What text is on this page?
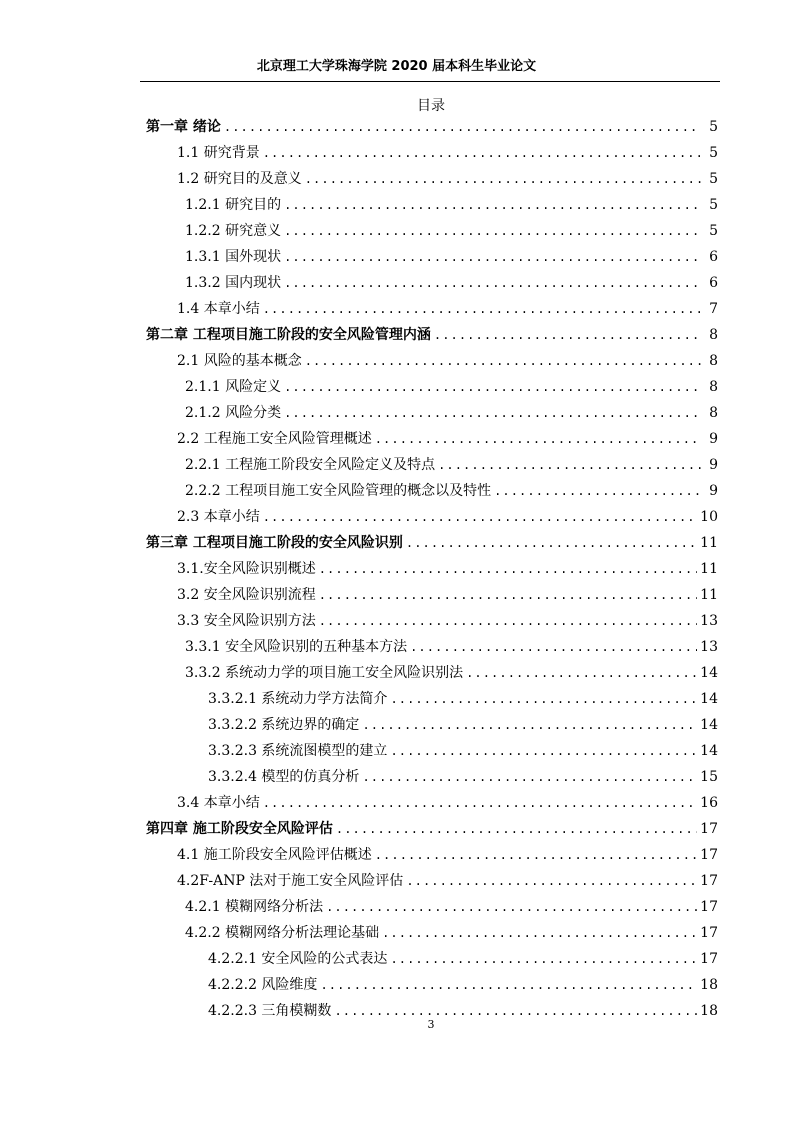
北京理工大学珠海学院 2020 届本科生毕业论文
目录
第一章 绪论 .....	5
1.1 研究背景 .....	5
1.2 研究目的及意义 .....	5
1.2.1 研究目的 .....	5
1.2.2 研究意义 .....	5
1.3.1 国外现状 .....	6
1.3.2 国内现状 .....	6
1.4 本章小结 .....	7
第二章 工程项目施工阶段的安全风险管理内涵 .....	8
2.1 风险的基本概念 .....	8
2.1.1 风险定义 .....	8
2.1.2 风险分类 .....	8
2.2 工程施工安全风险管理概述 .....	9
2.2.1 工程施工阶段安全风险定义及特点 .....	9
2.2.2 工程项目施工安全风险管理的概念以及特性 .....	9
2.3 本章小结 .....	10
第三章 工程项目施工阶段的安全风险识别 .....	11
3.1.安全风险识别概述 .....	11
3.2 安全风险识别流程 .....	11
3.3 安全风险识别方法 .....	13
3.3.1 安全风险识别的五种基本方法 .....	13
3.3.2 系统动力学的项目施工安全风险识别法 .....	14
3.3.2.1 系统动力学方法简介 .....	14
3.3.2.2 系统边界的确定 .....	14
3.3.2.3 系统流图模型的建立 .....	14
3.3.2.4 模型的仿真分析 .....	15
3.4 本章小结 .....	16
第四章 施工阶段安全风险评估 .....	17
4.1 施工阶段安全风险评估概述 .....	17
4.2F-ANP 法对于施工安全风险评估 .....	17
4.2.1 模糊网络分析法 .....	17
4.2.2 模糊网络分析法理论基础 .....	17
4.2.2.1 安全风险的公式表达 .....	17
4.2.2.2 风险维度 .....	18
4.2.2.3 三角模糊数 .....	18
3
